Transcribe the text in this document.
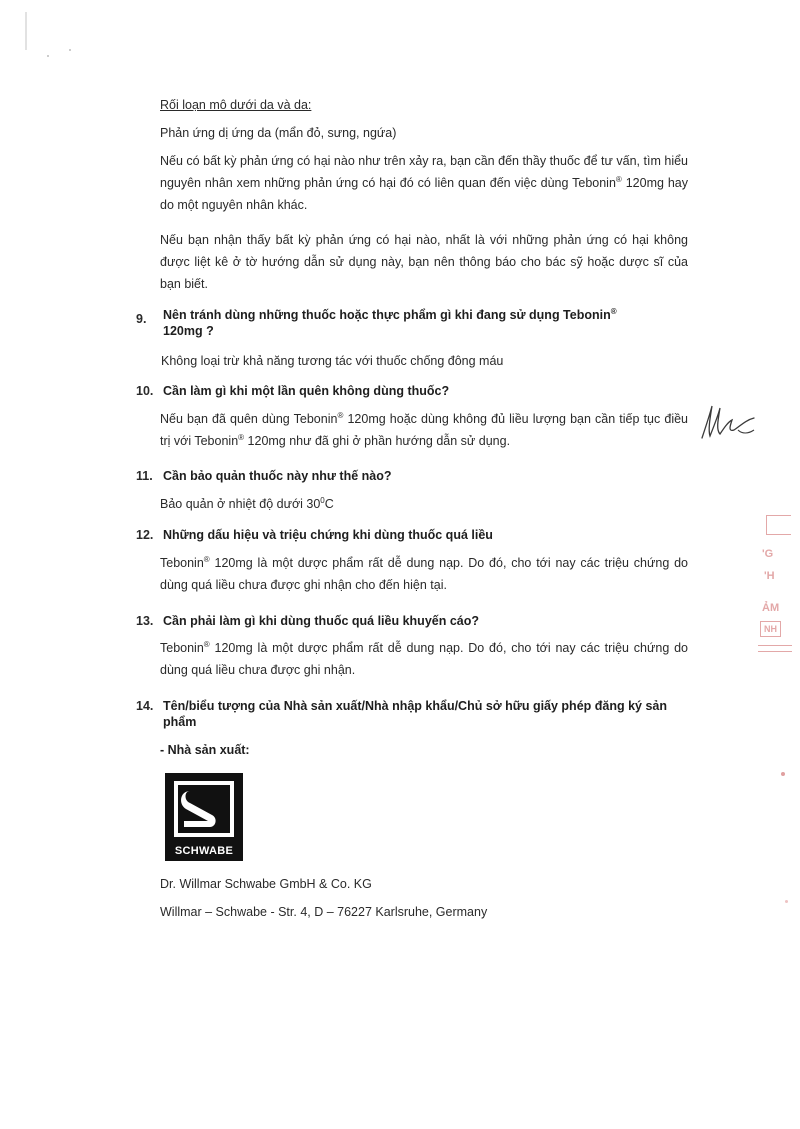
Rối loạn mô dưới da và da:

Phản ứng dị ứng da (mẩn đỏ, sưng, ngứa)

Nếu có bất kỳ phản ứng có hại nào như trên xảy ra, bạn cần đến thầy thuốc để tư vấn, tìm hiểu nguyên nhân xem những phản ứng có hại đó có liên quan đến việc dùng Tebonin® 120mg hay do một nguyên nhân khác.

Nếu bạn nhận thấy bất kỳ phản ứng có hại nào, nhất là với những phản ứng có hại không được liệt kê ở tờ hướng dẫn sử dụng này, bạn nên thông báo cho bác sỹ hoặc dược sĩ của bạn biết.

9. Nên tránh dùng những thuốc hoặc thực phẩm gì khi đang sử dụng Tebonin®
120mg ?

Không loại trừ khả năng tương tác với thuốc chống đông máu

10. Cần làm gì khi một lần quên không dùng thuốc?

Nếu bạn đã quên dùng Tebonin® 120mg hoặc dùng không đủ liều lượng bạn cần tiếp tục điều trị với Tebonin® 120mg như đã ghi ở phần hướng dẫn sử dụng.

11. Cần bảo quản thuốc này như thế nào?

Bảo quản ở nhiệt độ dưới $30^0C$

12. Những dấu hiệu và triệu chứng khi dùng thuốc quá liều

Tebonin® 120mg là một dược phẩm rất dễ dung nạp. Do đó, cho tới nay các triệu chứng do dùng quá liều chưa được ghi nhận cho đến hiện tại.

13. Cần phải làm gì khi dùng thuốc quá liều khuyến cáo?

Tebonin® 120mg là một dược phẩm rất dễ dung nạp. Do đó, cho tới nay các triệu chứng do dùng quá liều chưa được ghi nhận.

14. Tên/biểu tượng của Nhà sản xuất/Nhà nhập khẩu/Chủ sở hữu giấy phép đăng ký sản phẩm
- Nhà sản xuất:
SCHWABE

Dr. Willmar Schwabe GmbH & Co. KG

Willmar – Schwabe - Str. 4, D – 76227 Karlsruhe, Germany

'G
'H
ẢM
NH
